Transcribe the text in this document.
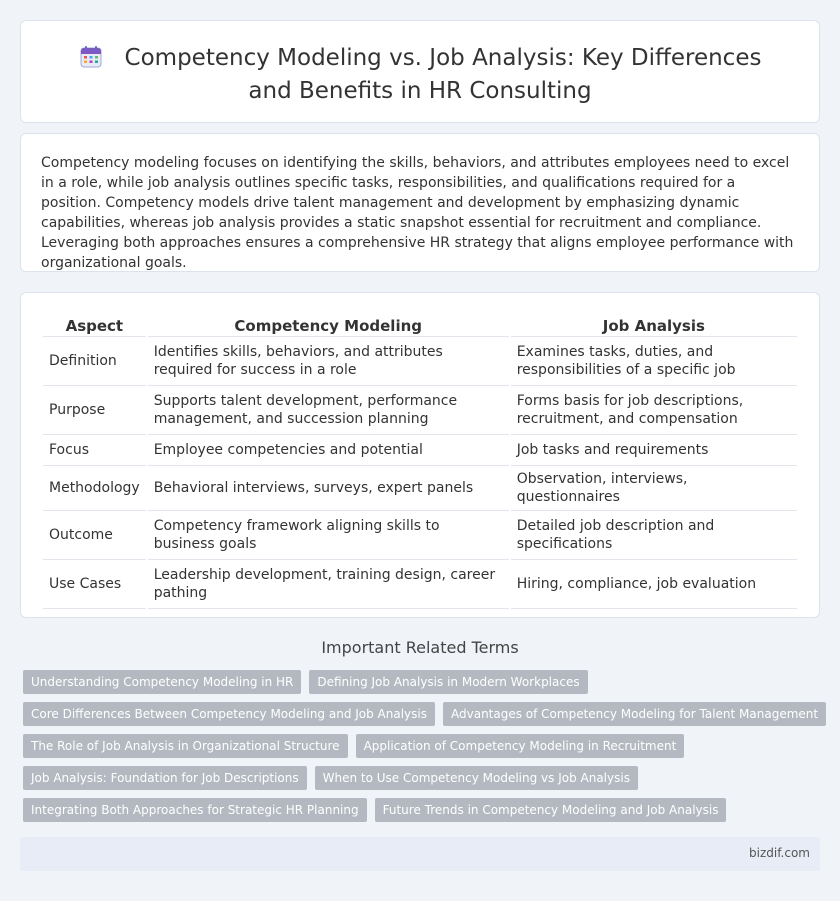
Competency Modeling vs. Job Analysis: Key Differences and Benefits in HR Consulting

Competency modeling focuses on identifying the skills, behaviors, and attributes employees need to excel in a role, while job analysis outlines specific tasks, responsibilities, and qualifications required for a position. Competency models drive talent management and development by emphasizing dynamic capabilities, whereas job analysis provides a static snapshot essential for recruitment and compliance. Leveraging both approaches ensures a comprehensive HR strategy that aligns employee performance with organizational goals.

Aspect	Competency Modeling	Job Analysis
Definition	Identifies skills, behaviors, and attributes required for success in a role	Examines tasks, duties, and responsibilities of a specific job
Purpose	Supports talent development, performance management, and succession planning	Forms basis for job descriptions, recruitment, and compensation
Focus	Employee competencies and potential	Job tasks and requirements
Methodology	Behavioral interviews, surveys, expert panels	Observation, interviews, questionnaires
Outcome	Competency framework aligning skills to business goals	Detailed job description and specifications
Use Cases	Leadership development, training design, career pathing	Hiring, compliance, job evaluation
Important Related Terms
Understanding Competency Modeling in HR	Defining Job Analysis in Modern Workplaces
Core Differences Between Competency Modeling and Job Analysis	Advantages of Competency Modeling for Talent Management
The Role of Job Analysis in Organizational Structure	Application of Competency Modeling in Recruitment
Job Analysis: Foundation for Job Descriptions	When to Use Competency Modeling vs Job Analysis
Integrating Both Approaches for Strategic HR Planning	Future Trends in Competency Modeling and Job Analysis
bizdif.com
